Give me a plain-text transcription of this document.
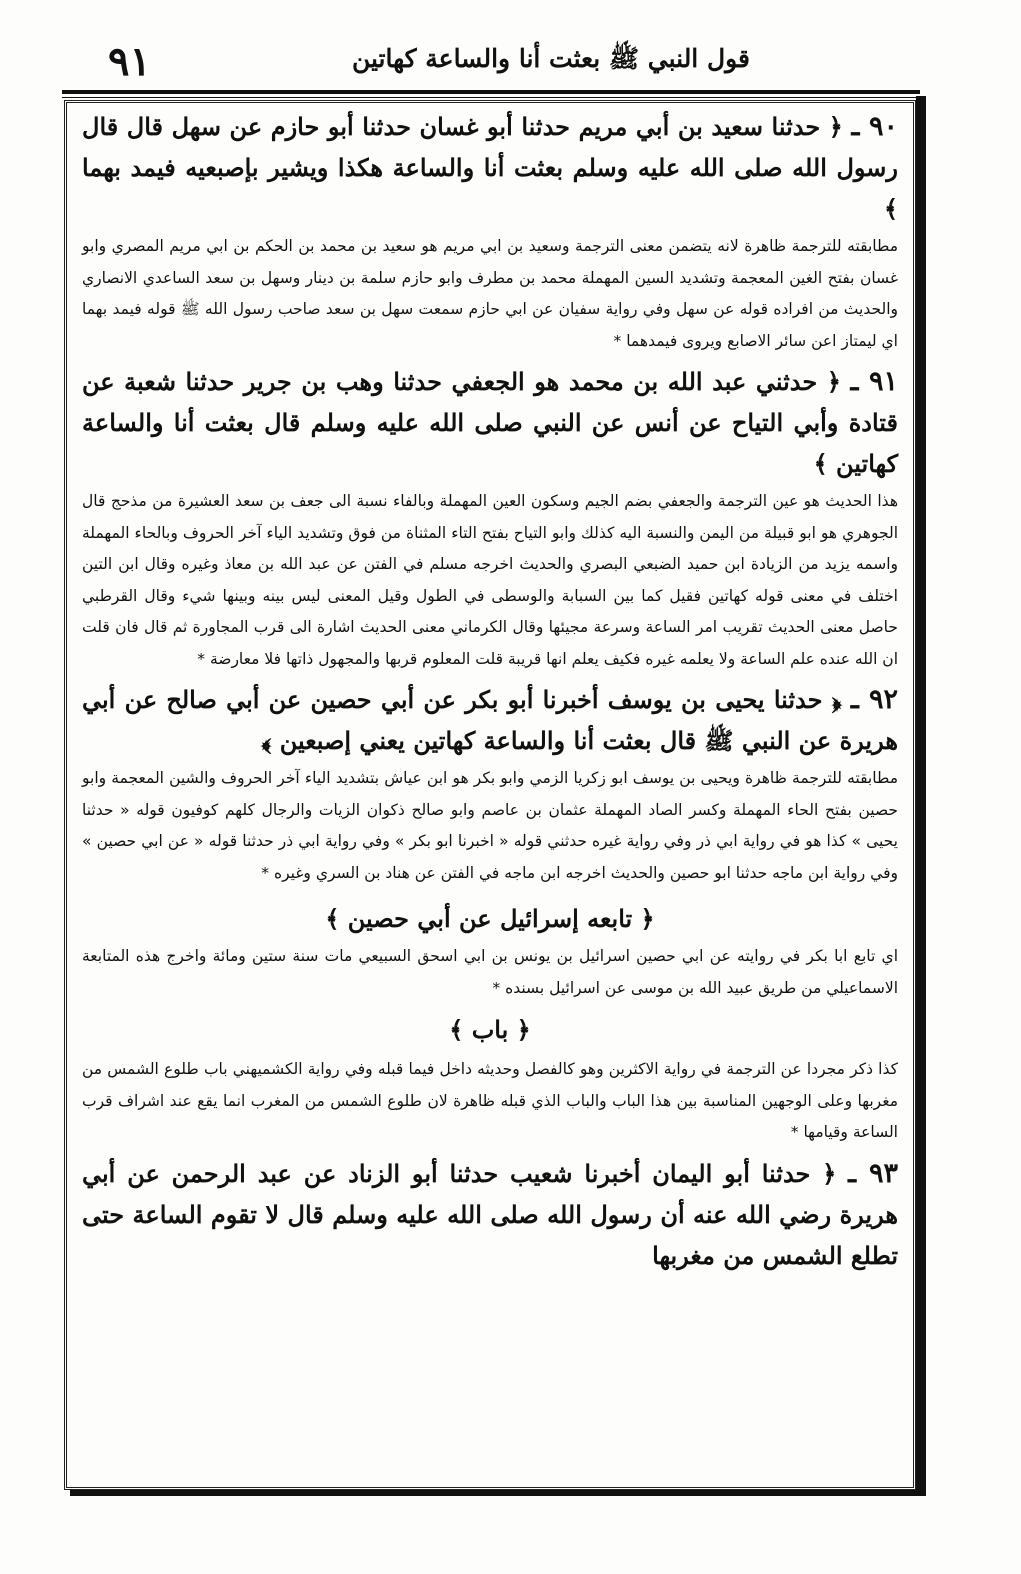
٩١	قول النبي ﷺ بعثت أنا والساعة كهاتين

٩٠ ـ ﴿ حدثنا سعيد بن أبي مريم حدثنا أبو غسان حدثنا أبو حازم عن سهل قال قال رسول الله صلى الله عليه وسلم بعثت أنا والساعة هكذا ويشير بإصبعيه فيمد بهما ﴾

مطابقته للترجمة ظاهرة لانه يتضمن معنى الترجمة وسعيد بن ابي مريم هو سعيد بن محمد بن الحكم بن ابي مريم المصري وابو غسان بفتح الغين المعجمة وتشديد السين المهملة محمد بن مطرف وابو حازم سلمة بن دينار وسهل بن سعد الساعدي الانصاري والحديث من افراده قوله عن سهل وفي رواية سفيان عن ابي حازم سمعت سهل بن سعد صاحب رسول الله ﷺ قوله فيمد بهما اي ليمتاز اعن سائر الاصابع ويروى فيمدهما *

٩١ ـ ﴿ حدثني عبد الله بن محمد هو الجعفي حدثنا وهب بن جرير حدثنا شعبة عن قتادة وأبي التياح عن أنس عن النبي صلى الله عليه وسلم قال بعثت أنا والساعة كهاتين ﴾

هذا الحديث هو عين الترجمة والجعفي بضم الجيم وسكون العين المهملة وبالفاء نسبة الى جعف بن سعد العشيرة من مذحج قال الجوهري هو ابو قبيلة من اليمن والنسبة اليه كذلك وابو التياح بفتح التاء المثناة من فوق وتشديد الياء آخر الحروف وبالحاء المهملة واسمه يزيد من الزيادة ابن حميد الضبعي البصري والحديث اخرجه مسلم في الفتن عن عبد الله بن معاذ وغيره وقال ابن التين اختلف في معنى قوله كهاتين فقيل كما بين السبابة والوسطى في الطول وقيل المعنى ليس بينه وبينها شيء وقال القرطبي حاصل معنى الحديث تقريب امر الساعة وسرعة مجيئها وقال الكرماني معنى الحديث اشارة الى قرب المجاورة ثم قال فان قلت ان الله عنده علم الساعة ولا يعلمه غيره فكيف يعلم انها قريبة قلت المعلوم قربها والمجهول ذاتها فلا معارضة *

٩٢ ـ ﴿ حدثنا يحيى بن يوسف أخبرنا أبو بكر عن أبي حصين عن أبي صالح عن أبي هريرة عن النبي ﷺ قال بعثت أنا والساعة كهاتين يعني إصبعين ﴾

مطابقته للترجمة ظاهرة ويحيى بن يوسف ابو زكريا الزمي وابو بكر هو ابن عياش بتشديد الياء آخر الحروف والشين المعجمة وابو حصين بفتح الحاء المهملة وكسر الصاد المهملة عثمان بن عاصم وابو صالح ذكوان الزيات والرجال كلهم كوفيون قوله « حدثنا يحيى » كذا هو في رواية ابي ذر وفي رواية غيره حدثني قوله « اخبرنا ابو بكر » وفي رواية ابي ذر حدثنا قوله « عن ابي حصين » وفي رواية ابن ماجه حدثنا ابو حصين والحديث اخرجه ابن ماجه في الفتن عن هناد بن السري وغيره *

﴿ تابعه إسرائيل عن أبي حصين ﴾

اي تابع ابا بكر في روايته عن ابي حصين اسرائيل بن يونس بن ابي اسحق السبيعي مات سنة ستين ومائة واخرج هذه المتابعة الاسماعيلي من طريق عبيد الله بن موسى عن اسرائيل بسنده *

﴿ باب ﴾

كذا ذكر مجردا عن الترجمة في رواية الاكثرين وهو كالفصل وحديثه داخل فيما قبله وفي رواية الكشميهني باب طلوع الشمس من مغربها وعلى الوجهين المناسبة بين هذا الباب والباب الذي قبله ظاهرة لان طلوع الشمس من المغرب انما يقع عند اشراف قرب الساعة وقيامها *

٩٣ ـ ﴿ حدثنا أبو اليمان أخبرنا شعيب حدثنا أبو الزناد عن عبد الرحمن عن أبي هريرة رضي الله عنه أن رسول الله صلى الله عليه وسلم قال لا تقوم الساعة حتى تطلع الشمس من مغربها
